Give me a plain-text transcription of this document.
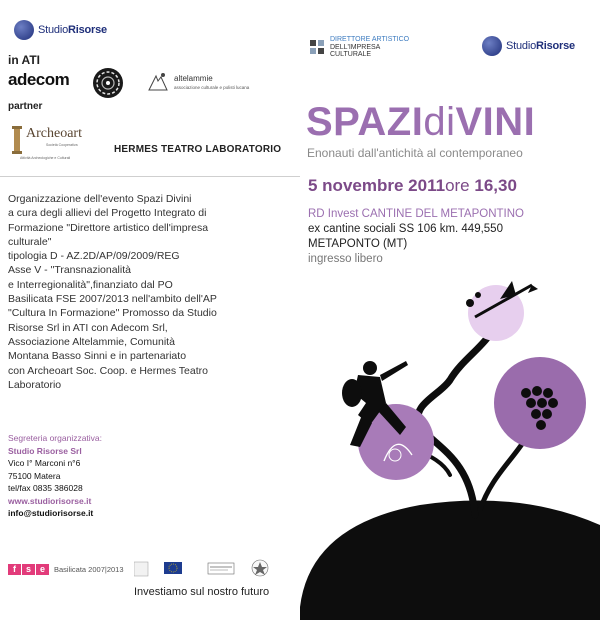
StudioRisorse
in ATI
adecom
partner
altelammie
associazione culturale e polisti lucana
Archeoart
Società Cooperativa
Attività Archeologiche e Culturali
HERMES TEATRO LABORATORIO
Organizzazione dell'evento Spazi Divini
a cura degli allievi del Progetto Integrato di
Formazione "Direttore artistico dell'impresa
culturale"
tipologia D - AZ.2D/AP/09/2009/REG
Asse V - "Transnazionalità
e Interregionalità",finanziato dal PO
Basilicata FSE 2007/2013 nell'ambito dell'AP
"Cultura In Formazione" Promosso da Studio
Risorse Srl in ATI con Adecom Srl,
Associazione Altelammie, Comunità
Montana Basso Sinni e in partenariato
con Archeoart Soc. Coop. e Hermes Teatro
Laboratorio
Segreteria organizzativa:
Studio Risorse Srl
Vico I° Marconi n°6
75100 Matera
tel/fax 0835 386028
www.studiorisorse.it
info@studiorisorse.it
f	s e	Basilicata 2007|2013
Investiamo sul nostro futuro
DIRETTORE ARTISTICO
DELL'IMPRESA
CULTURALE
StudioRisorse
SPAZIdiVINI
Enonauti dall'antichità al contemporaneo
5 novembre 2011ore 16,30
RD Invest CANTINE DEL METAPONTINO
ex cantine sociali SS 106 km. 449,550
METAPONTO (MT)
ingresso libero
